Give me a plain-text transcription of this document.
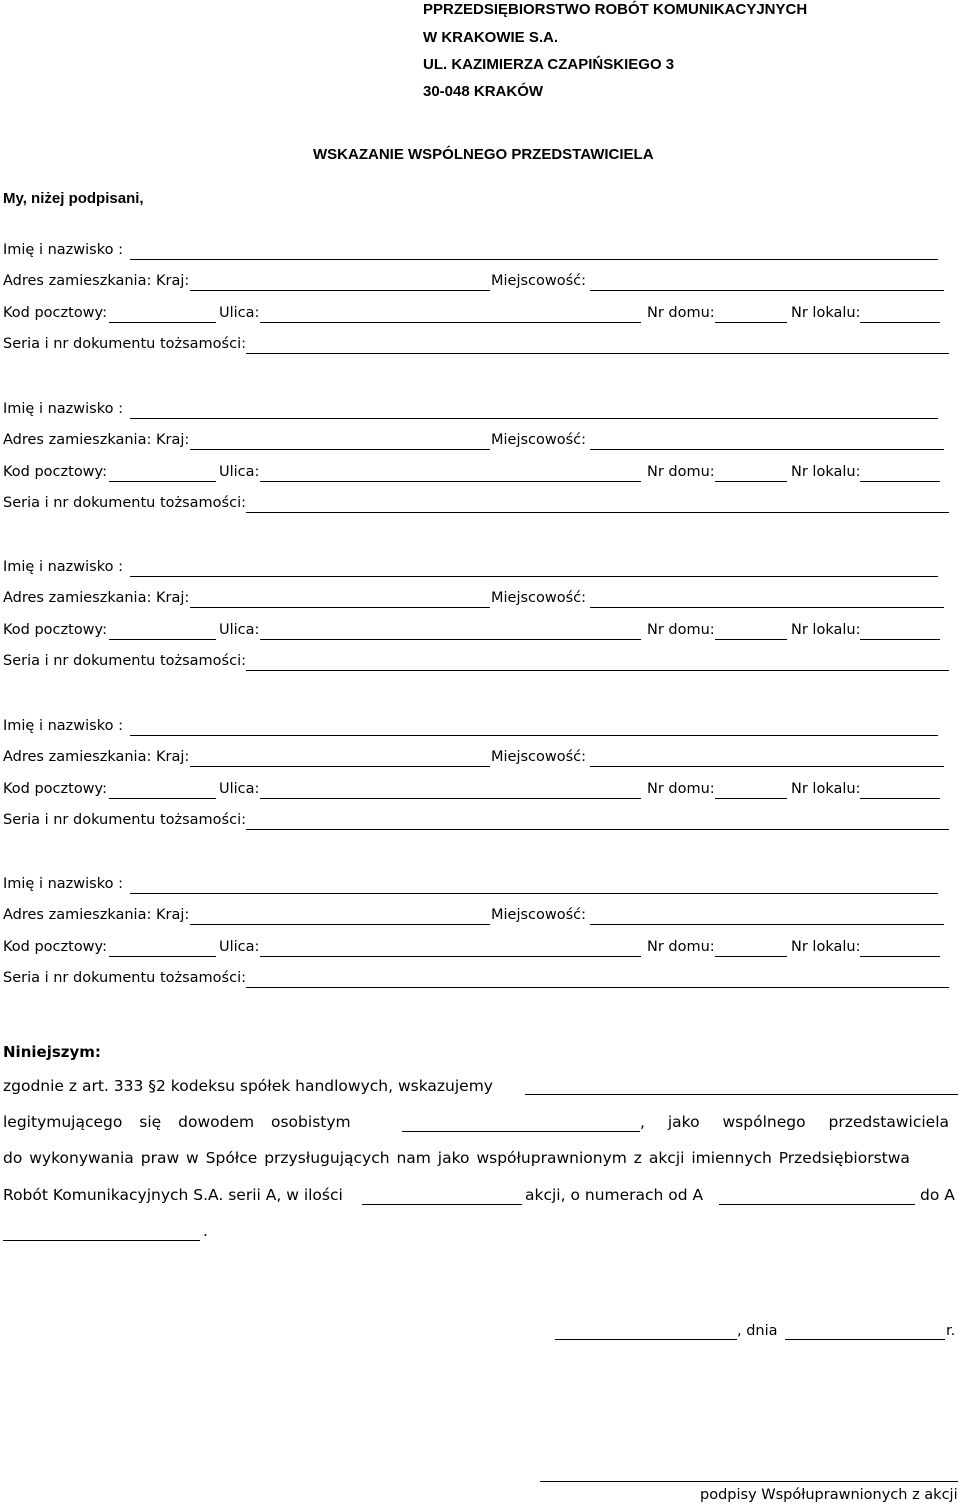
PPRZEDSIĘBIORSTWO ROBÓT KOMUNIKACYJNYCH
W KRAKOWIE S.A.
UL. KAZIMIERZA CZAPIŃSKIEGO 3
30-048 KRAKÓW
WSKAZANIE WSPÓLNEGO PRZEDSTAWICIELA
My, niżej podpisani,
Imię i nazwisko :
Adres zamieszkania: Kraj:	Miejscowość:
Kod pocztowy:	Ulica:	Nr domu:	Nr lokalu:
Seria i nr dokumentu tożsamości:
Imię i nazwisko :
Adres zamieszkania: Kraj:	Miejscowość:
Kod pocztowy:	Ulica:	Nr domu:	Nr lokalu:
Seria i nr dokumentu tożsamości:
Imię i nazwisko :
Adres zamieszkania: Kraj:	Miejscowość:
Kod pocztowy:	Ulica:	Nr domu:	Nr lokalu:
Seria i nr dokumentu tożsamości:
Imię i nazwisko :
Adres zamieszkania: Kraj:	Miejscowość:
Kod pocztowy:	Ulica:	Nr domu:	Nr lokalu:
Seria i nr dokumentu tożsamości:
Imię i nazwisko :
Adres zamieszkania: Kraj:	Miejscowość:
Kod pocztowy:	Ulica:	Nr domu:	Nr lokalu:
Seria i nr dokumentu tożsamości:
Niniejszym:
zgodnie z art. 333 §2 kodeksu spółek handlowych, wskazujemy
legitymującego się dowodem osobistym	, jako wspólnego przedstawiciela
do wykonywania praw w Spółce przysługujących nam jako współuprawnionym z akcji imiennych Przedsiębiorstwa
Robót Komunikacyjnych S.A. serii A, w ilości	akcji, o numerach od A	do A
.
, dnia	r.
podpisy Współuprawnionych z akcji
